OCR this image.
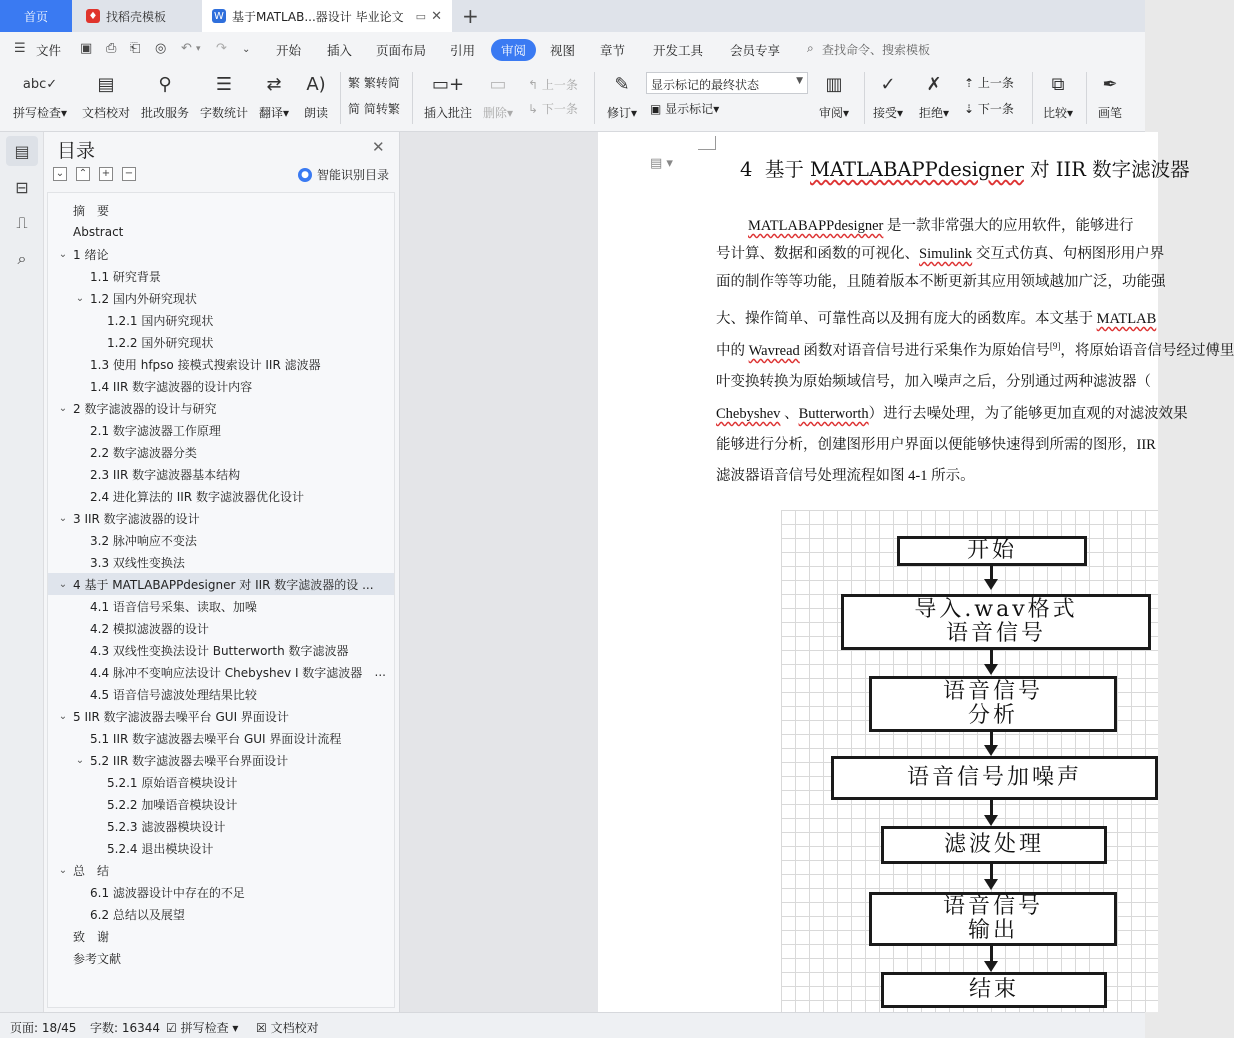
首页	♦ 找稻壳模板	W 基于MATLAB...器设计 毕业论文 ▭ ✕ +
☰ 文件 ▣ ⎙ ⎗ ◎ ↶ ▾ ↷ ⌄ 开始 插入 页面布局 引用	审阅	视图 章节 开发工具 会员专享 ⌕ 查找命令、搜索模板
abc✓
拼写检查▾
▤
文档校对
⚲
批改服务
☰
字数统计
⇄
翻译▾
A)
朗读
繁 繁转简
简 简转繁
▭+
插入批注
▭
删除▾
↰ 上一条
↳ 下一条
✎
修订▾
显示标记的最终状态	▼
▣ 显示标记▾
▥
审阅▾
✓
接受▾
✗
拒绝▾
⇡ 上一条
⇣ 下一条
⧉
比较▾
✒
画笔
▤
⊟
⎍
⌕
目录	✕
⌄ ⌃ + −	● 智能识别目录
摘　要
Abstract
⌄ 1 绪论
1.1 研究背景
⌄ 1.2 国内外研究现状
1.2.1 国内研究现状
1.2.2 国外研究现状
1.3 使用 hfpso 接模式搜索设计 IIR 滤波器
1.4 IIR 数字滤波器的设计内容
⌄ 2 数字滤波器的设计与研究
2.1 数字滤波器工作原理
2.2 数字滤波器分类
2.3 IIR 数字滤波器基本结构
2.4 进化算法的 IIR 数字滤波器优化设计
⌄ 3 IIR 数字滤波器的设计
3.2 脉冲响应不变法
3.3 双线性变换法
⌄ 4 基于 MATLABAPPdesigner 对 IIR 数字滤波器的设 ...
4.1 语音信号采集、读取、加噪
4.2 模拟滤波器的设计
4.3 双线性变换法设计 Butterworth 数字滤波器
4.4 脉冲不变响应法设计 Chebyshev I 数字滤波器 ...
4.5 语音信号滤波处理结果比较
⌄ 5 IIR 数字滤波器去噪平台 GUI 界面设计
5.1 IIR 数字滤波器去噪平台 GUI 界面设计流程
⌄ 5.2 IIR 数字滤波器去噪平台界面设计
5.2.1 原始语音模块设计
5.2.2 加噪语音模块设计
5.2.3 滤波器模块设计
5.2.4 退出模块设计
⌄ 总　结
6.1 滤波器设计中存在的不足
6.2 总结以及展望
致　谢
参考文献
▤ ▾	4 基于 MATLABAPPdesigner 对 IIR 数字滤波器
MATLABAPPdesigner 是一款非常强大的应用软件，能够进行
号计算、数据和函数的可视化、Simulink 交互式仿真、句柄图形用户界
面的制作等等功能，且随着版本不断更新其应用领域越加广泛，功能强
大、操作简单、可靠性高以及拥有庞大的函数库。本文基于 MATLAB
中的 Wavread 函数对语音信号进行采集作为原始信号[9]，将原始语音信号经过傅里
叶变换转换为原始频域信号，加入噪声之后，分别通过两种滤波器（
Chebyshev 、Butterworth）进行去噪处理，为了能够更加直观的对滤波效果
能够进行分析，创建图形用户界面以便能够快速得到所需的图形，IIR
滤波器语音信号处理流程如图 4-1 所示。
开始
导入.wav格式
语音信号
语音信号
分析
语音信号加噪声
滤波处理
语音信号
输出
结束
页面: 18/45 字数: 16344 ☑ 拼写检查 ▾ ☒ 文档校对
